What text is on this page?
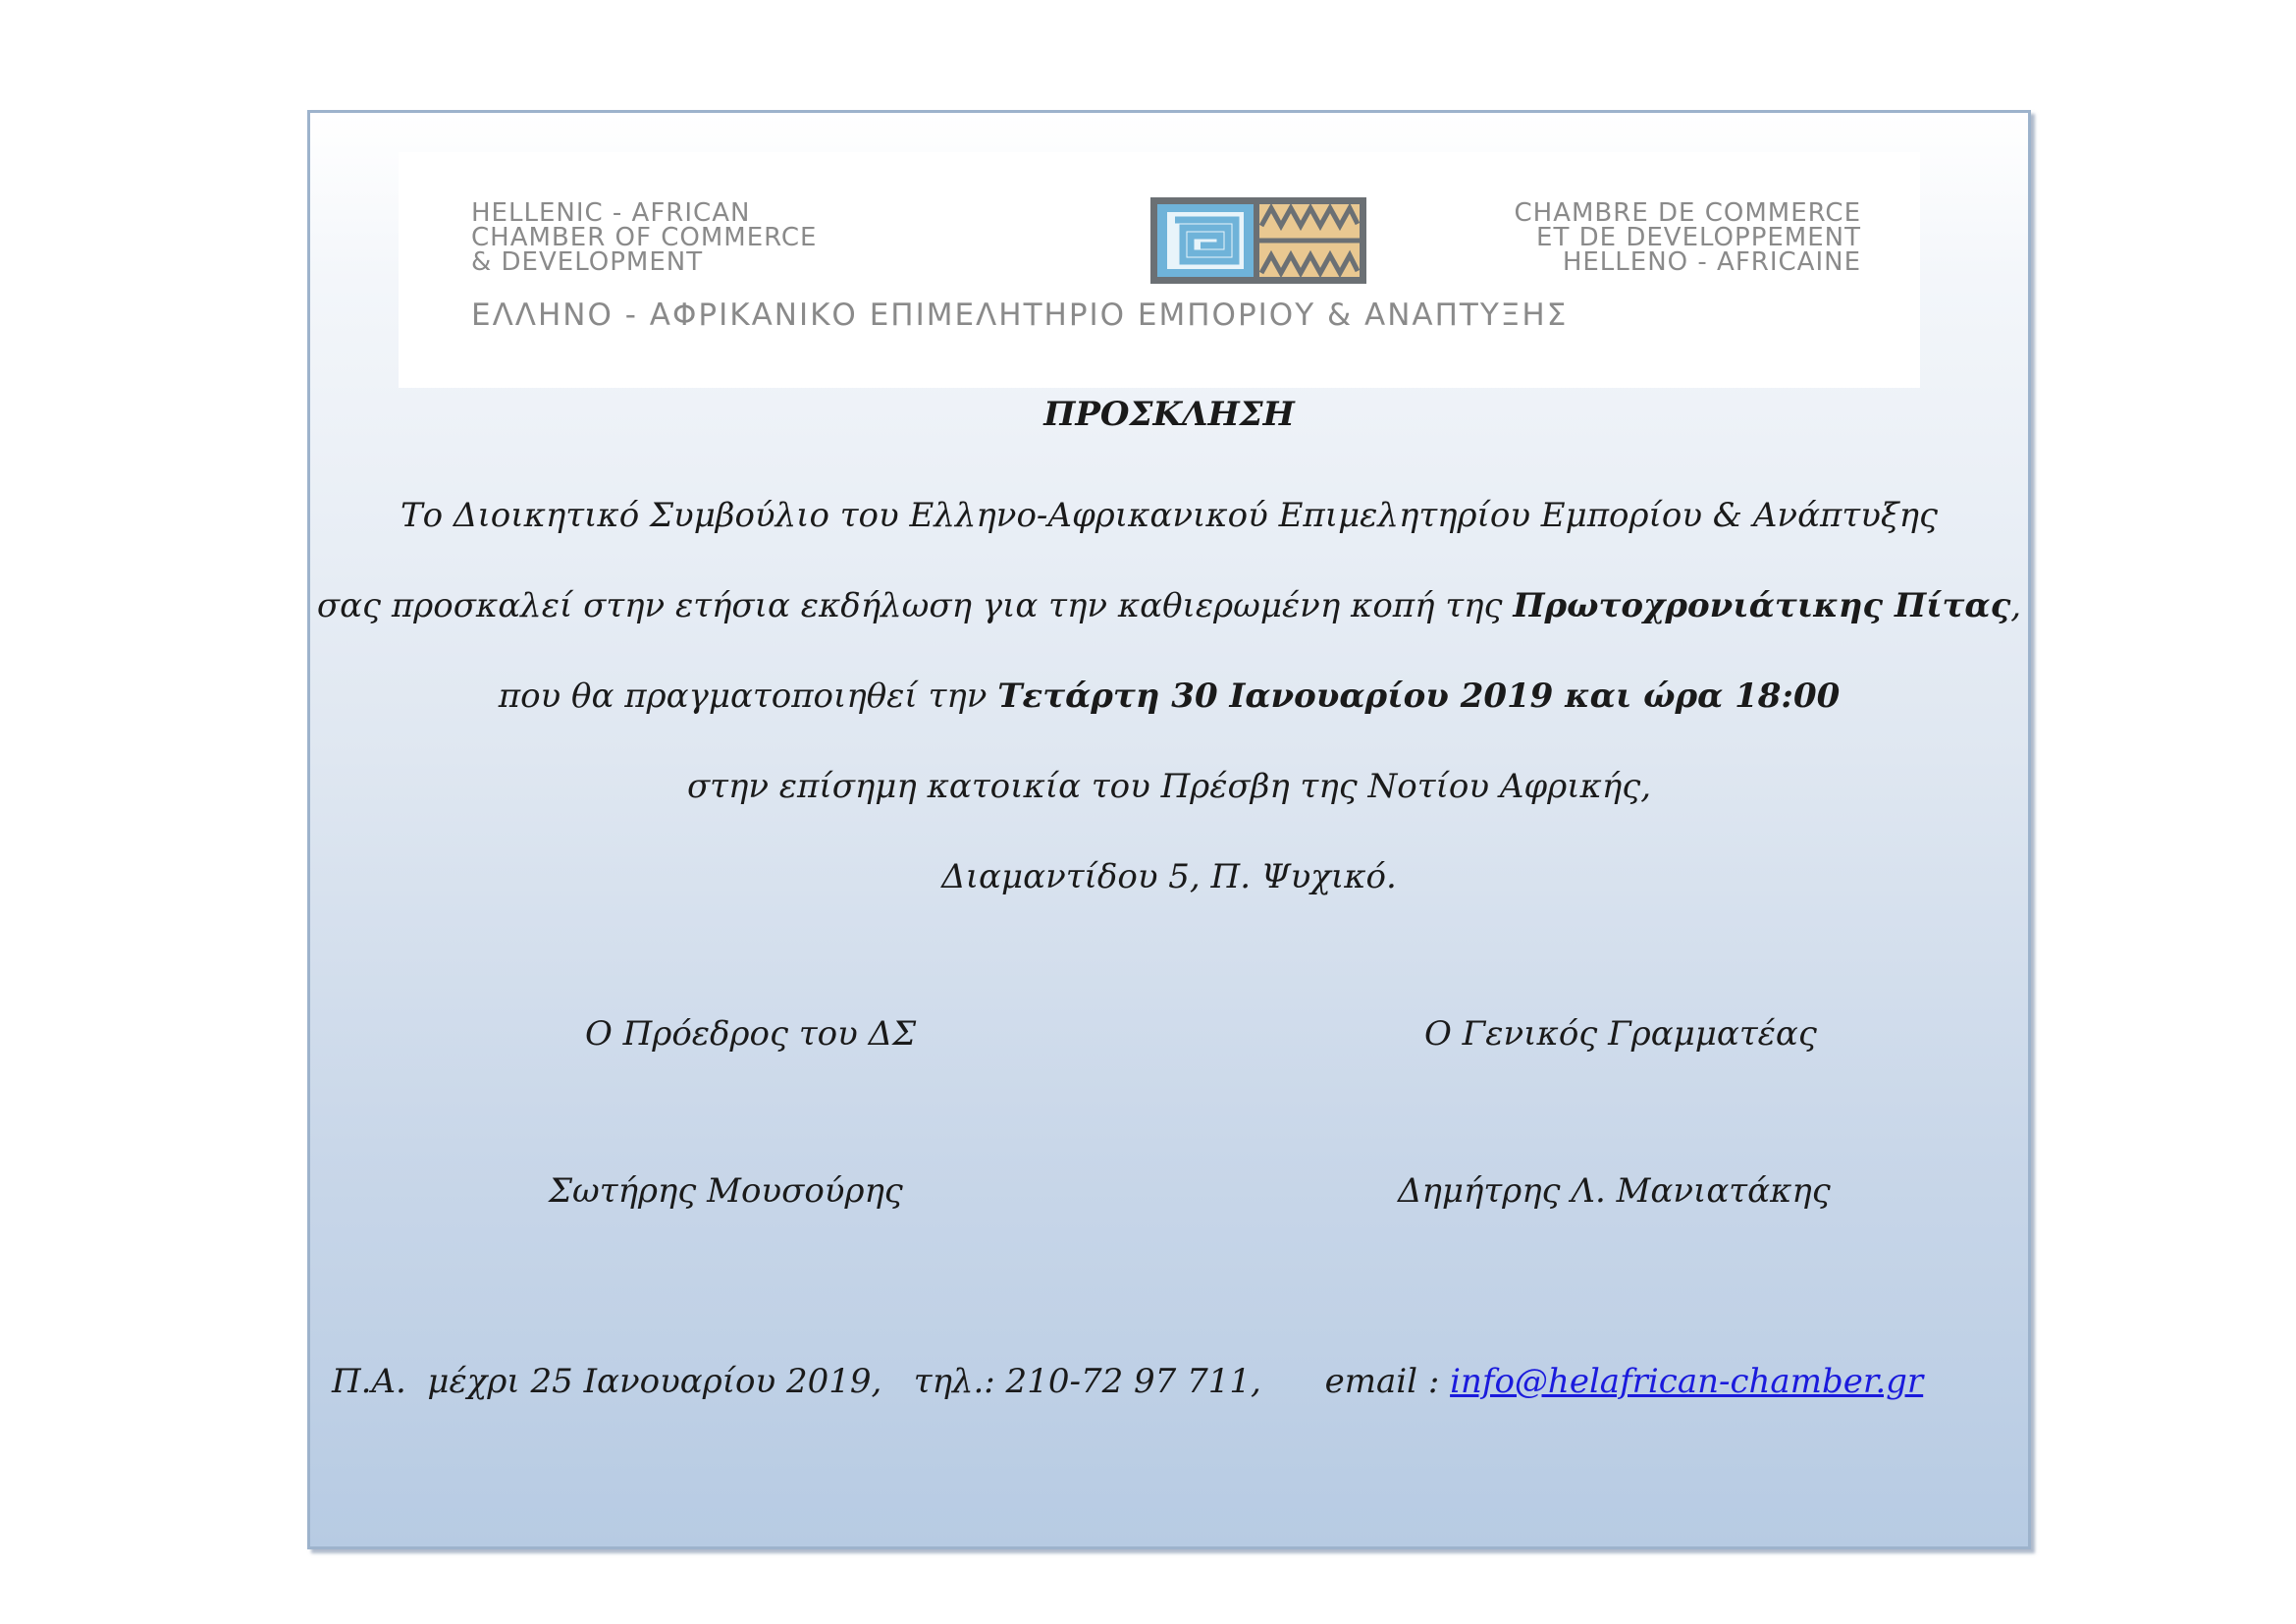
HELLENIC - AFRICAN
CHAMBER OF COMMERCE
& DEVELOPMENT
CHAMBRE DE COMMERCE
ET DE DEVELOPPEMENT
HELLENO - AFRICAINE
ΕΛΛΗΝΟ - ΑΦΡΙΚΑΝΙΚΟ ΕΠΙΜΕΛΗΤΗΡΙΟ ΕΜΠΟΡΙΟΥ & ΑΝΑΠΤΥΞΗΣ
ΠΡΟΣΚΛΗΣΗ
Το Διοικητικό Συμβούλιο του Ελληνο-Αφρικανικού Επιμελητηρίου Εμπορίου & Ανάπτυξης
σας προσκαλεί στην ετήσια εκδήλωση για την καθιερωμένη κοπή της Πρωτοχρονιάτικης Πίτας,
που θα πραγματοποιηθεί την Τετάρτη 30 Ιανουαρίου 2019 και ώρα 18:00
στην επίσημη κατοικία του Πρέσβη της Νοτίου Αφρικής,
Διαμαντίδου 5, Π. Ψυχικό.
Ο Πρόεδρος του ΔΣ
Σωτήρης Μουσούρης
Ο Γενικός Γραμματέας
Δημήτρης Λ. Μανιατάκης
Π.Α.  μέχρι 25 Ιανουαρίου 2019,   τηλ.: 210-72 97 711,      email : info@helafrican-chamber.gr
